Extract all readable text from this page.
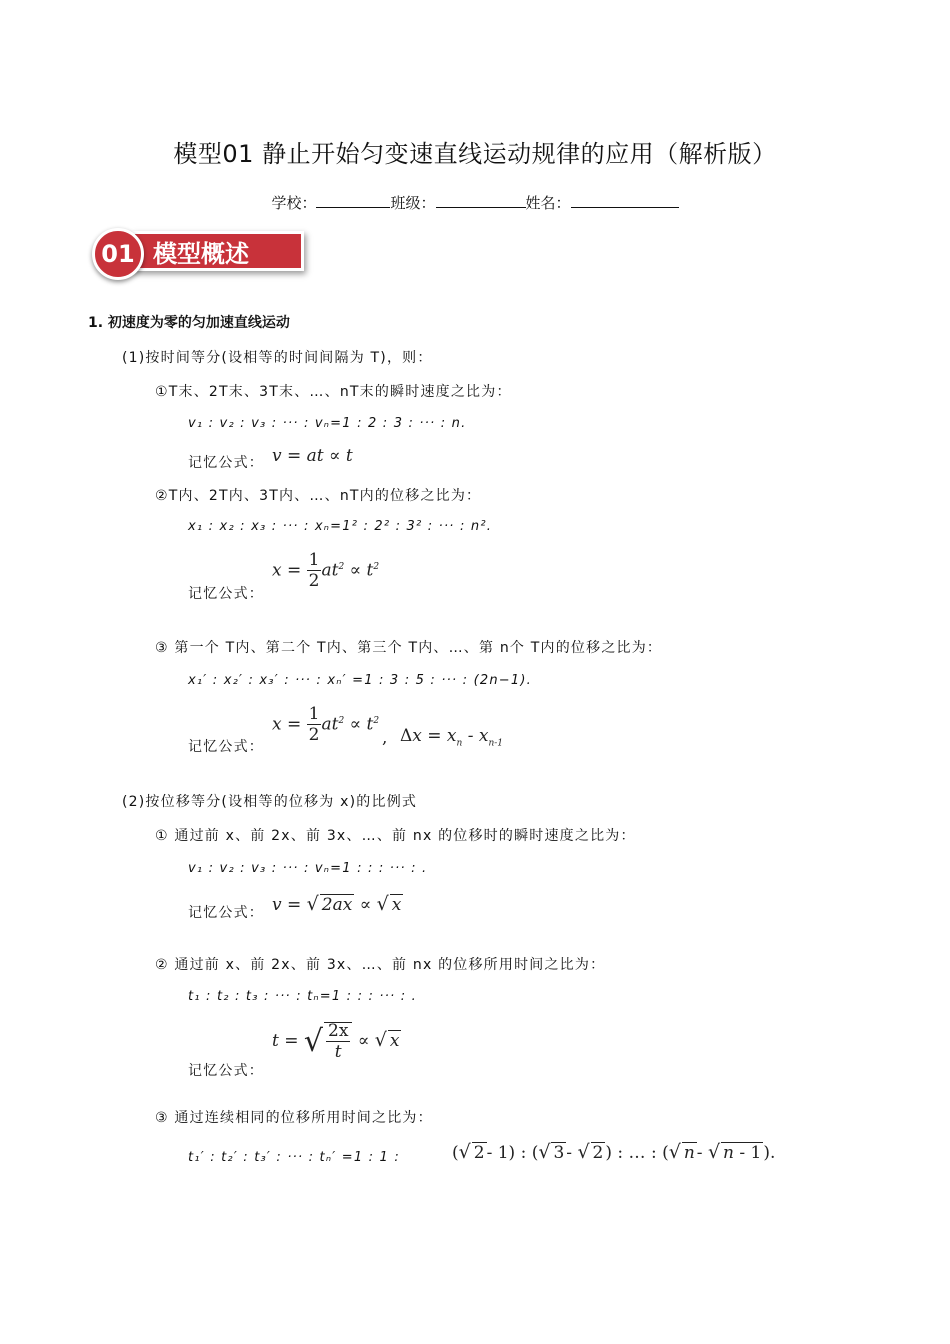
模型01 静止开始匀变速直线运动规律的应用（解析版）
学校：	班级：	姓名：
01 模型概述
1. 初速度为零的匀加速直线运动
(1)按时间等分(设相等的时间间隔为 T)，则：
①T末、2T末、3T末、…、nT末的瞬时速度之比为：
v₁ : v₂ : v₃ : ··· : vₙ=1 : 2 : 3 : ··· : n.
记忆公式： v = at ∝ t
②T内、2T内、3T内、…、nT内的位移之比为：
x₁ : x₂ : x₃ : ··· : xₙ=1² : 2² : 3² : ··· : n².
记忆公式：
$x = \frac{1}{2} at^2 \propto t^2$
③ 第一个 T内、第二个 T内、第三个 T内、…、第 n个 T内的位移之比为：
x₁′ : x₂′ : x₃′ : ··· : xₙ′ =1 : 3 : 5 : ··· : (2n−1).
记忆公式：
$x = \frac{1}{2} at^2 \propto t^2$
, $\Delta x = x_n - x_{n-1}$
(2)按位移等分(设相等的位移为 x)的比例式
① 通过前 x、前 2x、前 3x、…、前 nx 的位移时的瞬时速度之比为：
v₁ : v₂ : v₃ : ··· : vₙ=1 : : : ··· : .
记忆公式： v = √ 2ax ∝ √ x
② 通过前 x、前 2x、前 3x、…、前 nx 的位移所用时间之比为：
t₁ : t₂ : t₃ : ··· : tₙ=1 : : : ··· : .
记忆公式：
t = √ $\frac{2x}{t}$ ∝ √ x
③ 通过连续相同的位移所用时间之比为：
t₁′ : t₂′ : t₃′ : ··· : tₙ′ =1 : 1 :	(√ 2 - 1) : (√ 3 - √ 2 ) : … : (√ n - √ n - 1 ).
